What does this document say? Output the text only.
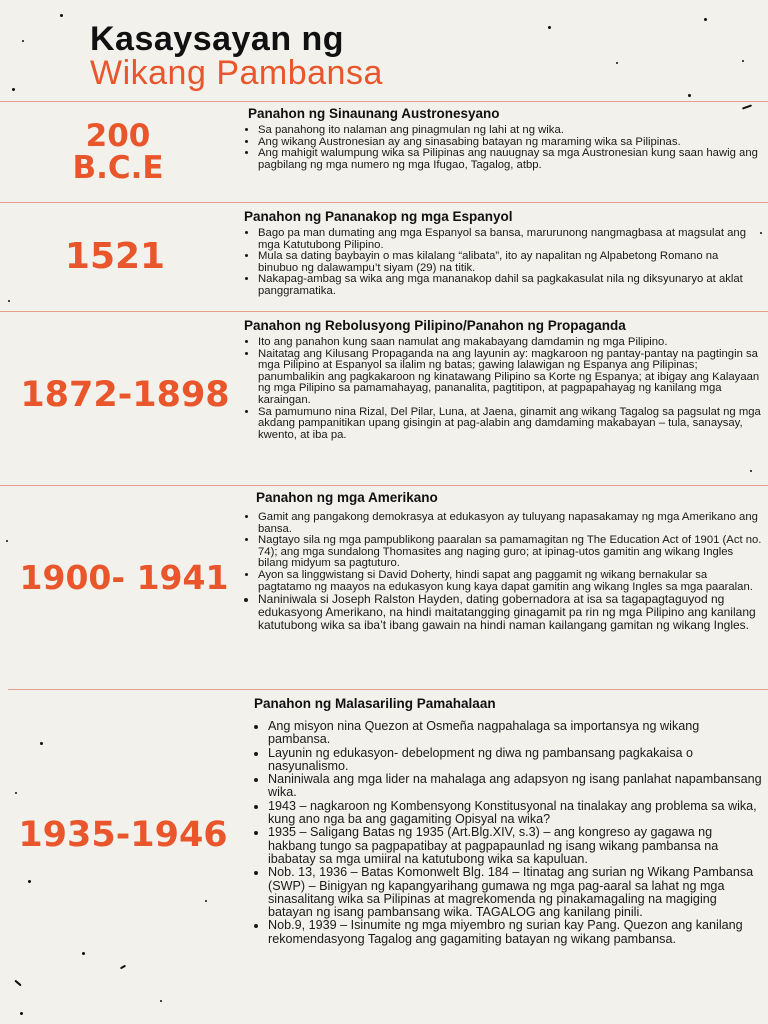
Kasaysayan ng
Wikang Pambansa
200
B.C.E
Panahon ng Sinaunang Austronesyano
• Sa panahong ito nalaman ang pinagmulan ng lahi at ng wika.
• Ang wikang Austronesian ay ang sinasabing batayan ng maraming wika sa Pilipinas.
• Ang mahigit walumpung wika sa Pilipinas ang nauugnay sa mga Austronesian kung saan hawig ang pagbilang ng mga numero ng mga Ifugao, Tagalog, atbp.
1521
Panahon ng Pananakop ng mga Espanyol
• Bago pa man dumating ang mga Espanyol sa bansa, marurunong nangmagbasa at magsulat ang mga Katutubong Pilipino.
• Mula sa dating baybayin o mas kilalang “alibata”, ito ay napalitan ng Alpabetong Romano na binubuo ng dalawampu’t siyam (29) na titik.
• Nakapag-ambag sa wika ang mga mananakop dahil sa pagkakasulat nila ng diksyunaryo at aklat panggramatika.
1872-1898
Panahon ng Rebolusyong Pilipino/Panahon ng Propaganda
• Ito ang panahon kung saan namulat ang makabayang damdamin ng mga Pilipino.
• Naitatag ang Kilusang Propaganda na ang layunin ay: magkaroon ng pantay-pantay na pagtingin sa mga Pilipino at Espanyol sa ilalim ng batas; gawing lalawigan ng Espanya ang Pilipinas; panumbalikin ang pagkakaroon ng kinatawang Pilipino sa Korte ng Espanya; at ibigay ang Kalayaan ng mga Pilipino sa pamamahayag, pananalita, pagtitipon, at pagpapahayag ng kanilang mga karaingan.
• Sa pamumuno nina Rizal, Del Pilar, Luna, at Jaena, ginamit ang wikang Tagalog sa pagsulat ng mga akdang pampanitikan upang gisingin at pag-alabin ang damdaming makabayan – tula, sanaysay, kwento, at iba pa.
1900- 1941
Panahon ng mga Amerikano
• Gamit ang pangakong demokrasya at edukasyon ay tuluyang napasakamay ng mga Amerikano ang bansa.
• Nagtayo sila ng mga pampublikong paaralan sa pamamagitan ng The Education Act of 1901 (Act no. 74); ang mga sundalong Thomasites ang naging guro; at ipinag-utos gamitin ang wikang Ingles bilang midyum sa pagtuturo.
• Ayon sa linggwistang si David Doherty, hindi sapat ang paggamit ng wikang bernakular sa pagtatamo ng maayos na edukasyon kung kaya dapat gamitin ang wikang Ingles sa mga paaralan.
• Naniniwala si Joseph Ralston Hayden, dating gobernadora at isa sa tagapagtaguyod ng edukasyong Amerikano, na hindi maitatangging ginagamit pa rin ng mga Pilipino ang kanilang katutubong wika sa iba’t ibang gawain na hindi naman kailangang gamitan ng wikang Ingles.
1935-1946
Panahon ng Malasariling Pamahalaan
• Ang misyon nina Quezon at Osmeña nagpahalaga sa importansya ng wikang pambansa.
• Layunin ng edukasyon- debelopment ng diwa ng pambansang pagkakaisa o nasyunalismo.
• Naniniwala ang mga lider na mahalaga ang adapsyon ng isang panlahat napambansang wika.
• 1943 – nagkaroon ng Kombensyong Konstitusyonal na tinalakay ang problema sa wika, kung ano nga ba ang gagamiting Opisyal na wika?
• 1935 – Saligang Batas ng 1935 (Art.Blg.XIV, s.3) – ang kongreso ay gagawa ng hakbang tungo sa pagpapatibay at pagpapaunlad ng isang wikang pambansa na ibabatay sa mga umiiral na katutubong wika sa kapuluan.
• Nob. 13, 1936 – Batas Komonwelt Blg. 184 – Itinatag ang surian ng Wikang Pambansa (SWP) – Binigyan ng kapangyarihang gumawa ng mga pag-aaral sa lahat ng mga sinasalitang wika sa Pilipinas at magrekomenda ng pinakamagaling na magiging batayan ng isang pambansang wika. TAGALOG ang kanilang pinili.
• Nob.9, 1939 – Isinumite ng mga miyembro ng surian kay Pang. Quezon ang kanilang rekomendasyong Tagalog ang gagamiting batayan ng wikang pambansa.
